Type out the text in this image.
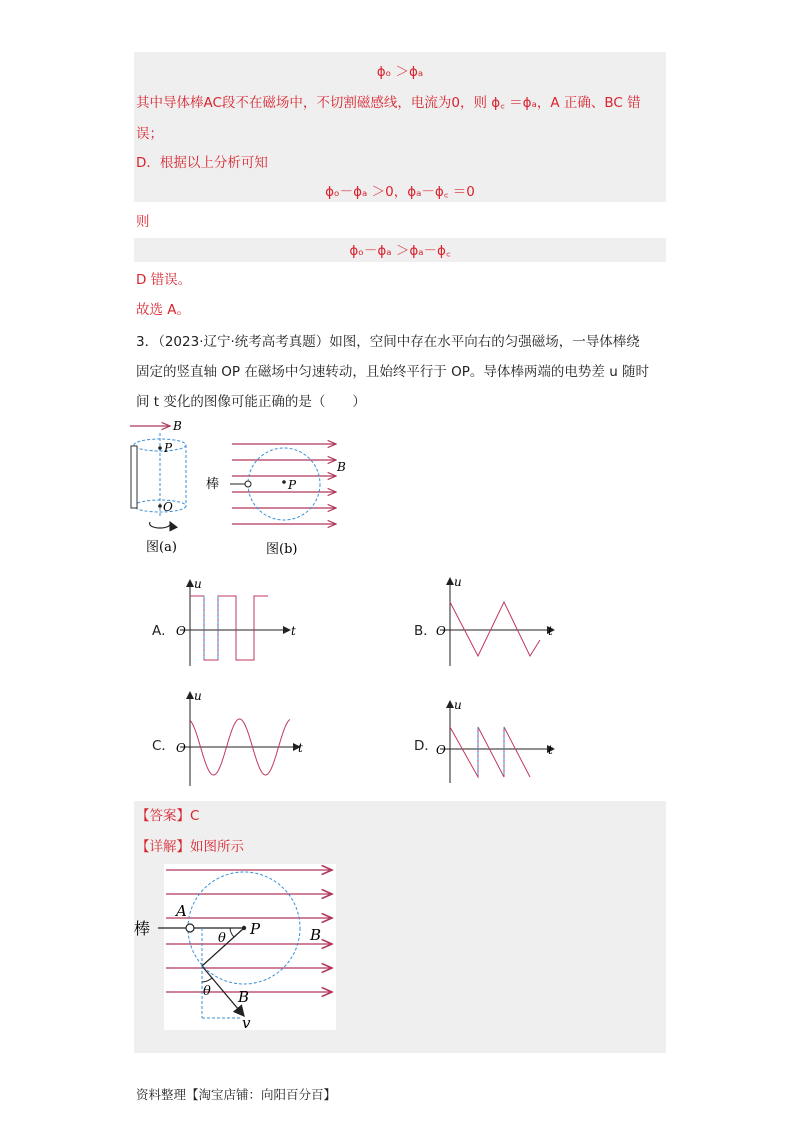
ϕₒ ＞ϕₐ
其中导体棒AC段不在磁场中，不切割磁感线，电流为0，则 ϕ꜀ ＝ϕₐ，A 正确、BC 错
误；
D．根据以上分析可知
ϕₒ－ϕₐ ＞0，ϕₐ－ϕ꜀ ＝0
则
ϕₒ－ϕₐ ＞ϕₐ－ϕ꜀
D 错误。
故选 A。
3．（2023·辽宁·统考高考真题）如图，空间中存在水平向右的匀强磁场，一导体棒绕
固定的竖直轴 OP 在磁场中匀速转动，且始终平行于 OP。导体棒两端的电势差 u 随时
间 t 变化的图像可能正确的是（　　）
B
P
O
图(a)
P
B
棒
图(b)
A．
u
t
O	B．
u
t
O
C．
u
t
O	D．
u
t
O
【答案】C
【详解】如图所示
棒
A
P	B
θ
θ B
v
资料整理【淘宝店铺：向阳百分百】
